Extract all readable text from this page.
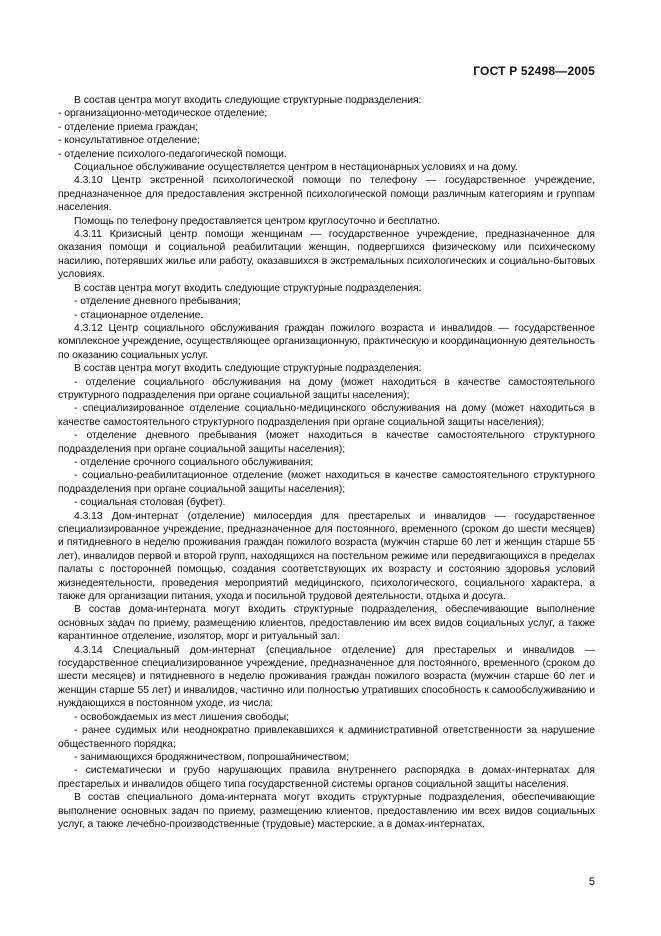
ГОСТ Р 52498—2005

В состав центра могут входить следующие структурные подразделения:

- организационно-методическое отделение;

- отделение приема граждан;

- консультативное отделение;

- отделение психолого-педагогической помощи.

Социальное обслуживание осуществляется центром в нестационарных условиях и на дому.

4.3.10 Центр экстренной психологической помощи по телефону — государственное учреждение, предназначенное для предоставления экстренной психологической помощи различным категориям и группам населения.

Помощь по телефону предоставляется центром круглосуточно и бесплатно.

4.3.11 Кризисный центр помощи женщинам — государственное учреждение, предназначенное для оказания помощи и социальной реабилитации женщин, подвергшихся физическому или психическому насилию, потерявших жилье или работу, оказавшихся в экстремальных психологических и социально-бытовых условиях.

В состав центра могут входить следующие структурные подразделения:

- отделение дневного пребывания;

- стационарное отделение.

4.3.12 Центр социального обслуживания граждан пожилого возраста и инвалидов — государственное комплексное учреждение, осуществляющее организационную, практическую и координационную деятельность по оказанию социальных услуг.

В состав центра могут входить следующие структурные подразделения:

- отделение социального обслуживания на дому (может находиться в качестве самостоятельного структурного подразделения при органе социальной защиты населения);

- специализированное отделение социально-медицинского обслуживания на дому (может находиться в качестве самостоятельного структурного подразделения при органе социальной защиты населения);

- отделение дневного пребывания (может находиться в качестве самостоятельного структурного подразделения при органе социальной защиты населения);

- отделение срочного социального обслуживания;

- социально-реабилитационное отделение (может находиться в качестве самостоятельного структурного подразделения при органе социальной защиты населения);

- социальная столовая (буфет).

4.3.13 Дом-интернат (отделение) милосердия для престарелых и инвалидов — государственное специализированное учреждение, предназначенное для постоянного, временного (сроком до шести месяцев) и пятидневного в неделю проживания граждан пожилого возраста (мужчин старше 60 лет и женщин старше 55 лет), инвалидов первой и второй групп, находящихся на постельном режиме или передвигающихся в пределах палаты с посторонней помощью, создания соответствующих их возрасту и состоянию здоровья условий жизнедеятельности, проведения мероприятий медицинского, психологического, социального характера, а также для организации питания, ухода и посильной трудовой деятельности, отдыха и досуга.

В состав дома-интерната могут входить структурные подразделения, обеспечивающие выполнение основных задач по приему, размещению клиентов, предоставлению им всех видов социальных услуг, а также карантинное отделение, изолятор, морг и ритуальный зал.

4.3.14 Специальный дом-интернат (специальное отделение) для престарелых и инвалидов — государственное специализированное учреждение, предназначенное для постоянного, временного (сроком до шести месяцев) и пятидневного в неделю проживания граждан пожилого возраста (мужчин старше 60 лет и женщин старше 55 лет) и инвалидов, частично или полностью утративших способность к самообслуживанию и нуждающихся в постоянном уходе, из числа:

- освобождаемых из мест лишения свободы;

- ранее судимых или неоднократно привлекавшихся к административной ответственности за нарушение общественного порядка;

- занимающихся бродяжничеством, попрошайничеством;

- систематически и грубо нарушающих правила внутреннего распорядка в домах-интернатах для престарелых и инвалидов общего типа государственной системы органов социальной защиты населения.

В состав специального дома-интерната могут входить структурные подразделения, обеспечивающие выполнение основных задач по приему, размещению клиентов, предоставлению им всех видов социальных услуг, а также лечебно-производственные (трудовые) мастерские, а в домах-интернатах,

5
